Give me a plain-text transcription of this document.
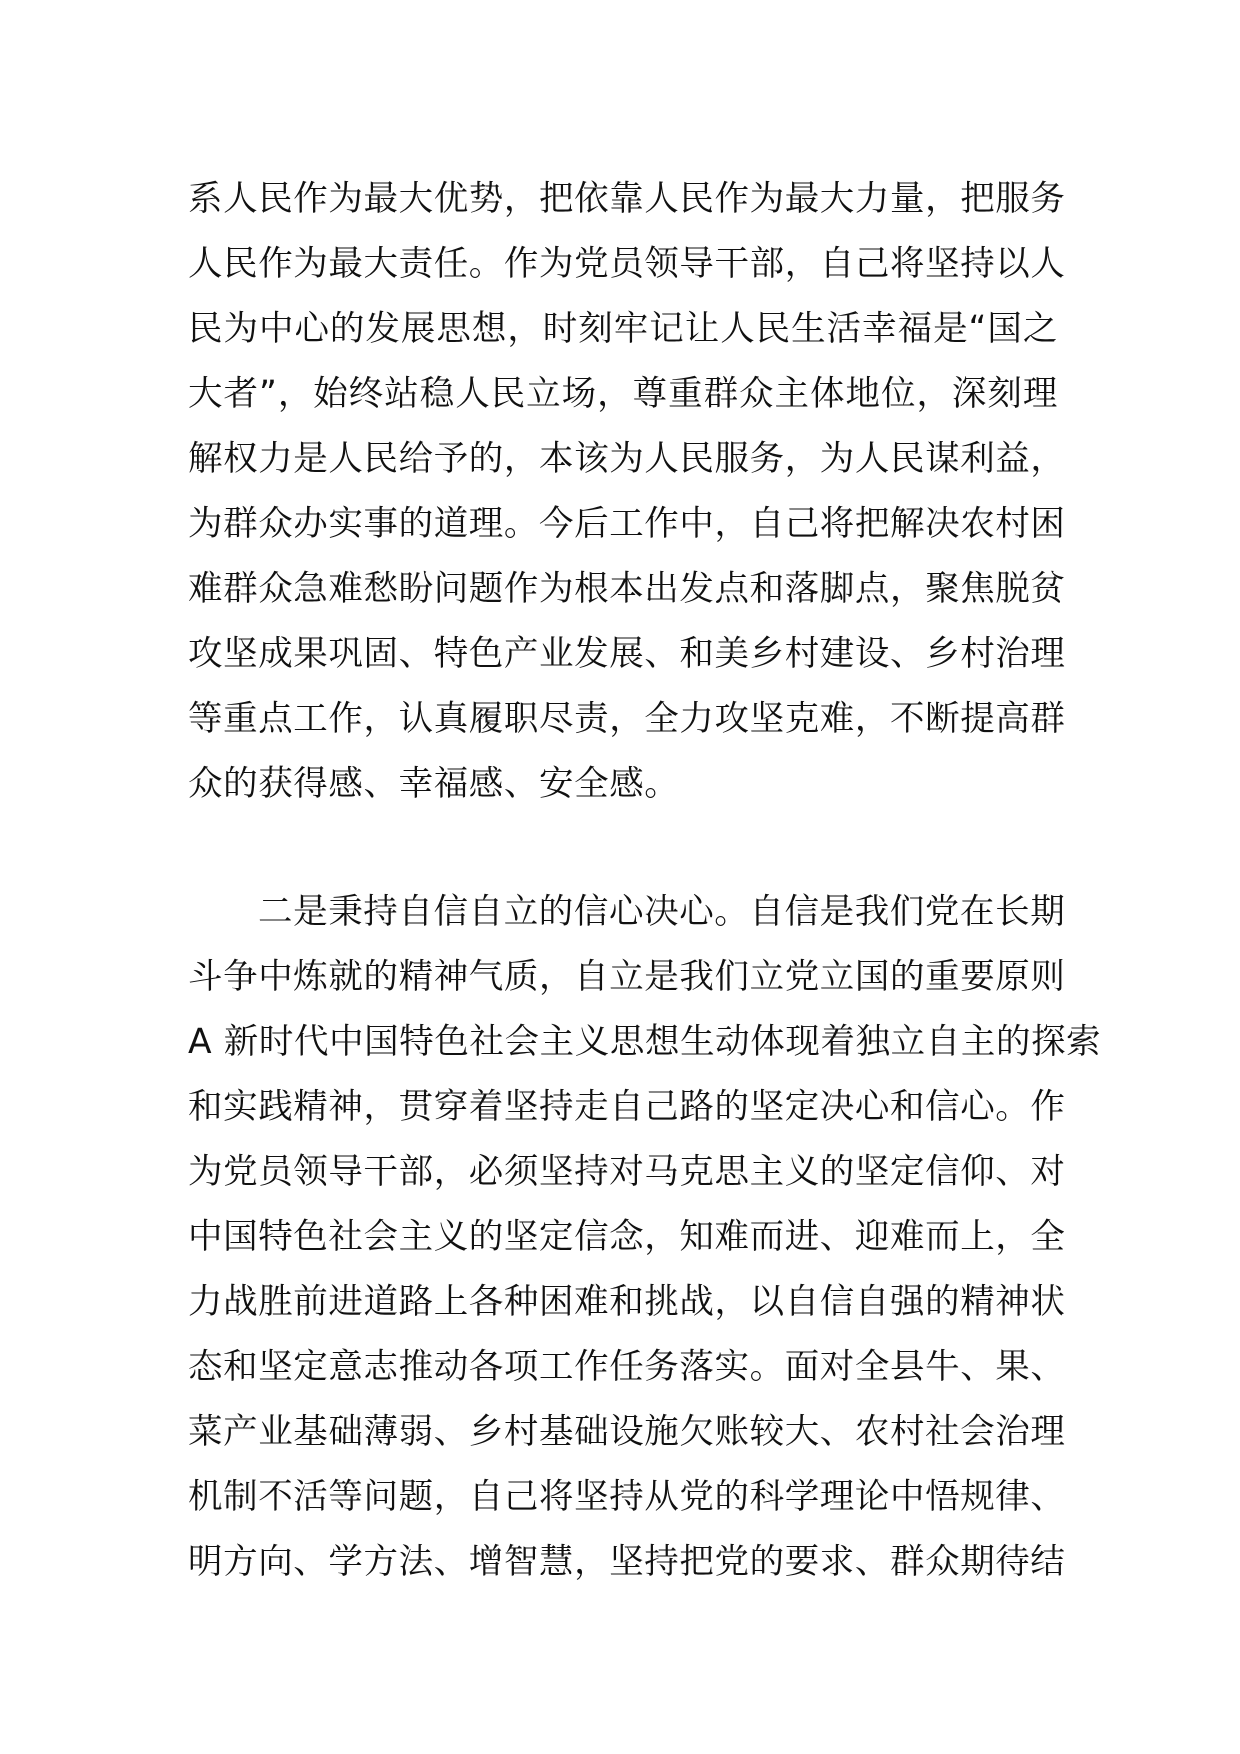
系人民作为最大优势，把依靠人民作为最大力量，把服务
人民作为最大责任。作为党员领导干部，自己将坚持以人
民为中心的发展思想，时刻牢记让人民生活幸福是“国之
大者”，始终站稳人民立场，尊重群众主体地位，深刻理
解权力是人民给予的，本该为人民服务，为人民谋利益，
为群众办实事的道理。今后工作中，自己将把解决农村困
难群众急难愁盼问题作为根本出发点和落脚点，聚焦脱贫
攻坚成果巩固、特色产业发展、和美乡村建设、乡村治理
等重点工作，认真履职尽责，全力攻坚克难，不断提高群
众的获得感、幸福感、安全感。
二是秉持自信自立的信心决心。自信是我们党在长期
斗争中炼就的精神气质，自立是我们立党立国的重要原则
A 新时代中国特色社会主义思想生动体现着独立自主的探索
和实践精神，贯穿着坚持走自己路的坚定决心和信心。作
为党员领导干部，必须坚持对马克思主义的坚定信仰、对
中国特色社会主义的坚定信念，知难而进、迎难而上，全
力战胜前进道路上各种困难和挑战，以自信自强的精神状
态和坚定意志推动各项工作任务落实。面对全县牛、果、
菜产业基础薄弱、乡村基础设施欠账较大、农村社会治理
机制不活等问题，自己将坚持从党的科学理论中悟规律、
明方向、学方法、增智慧，坚持把党的要求、群众期待结
